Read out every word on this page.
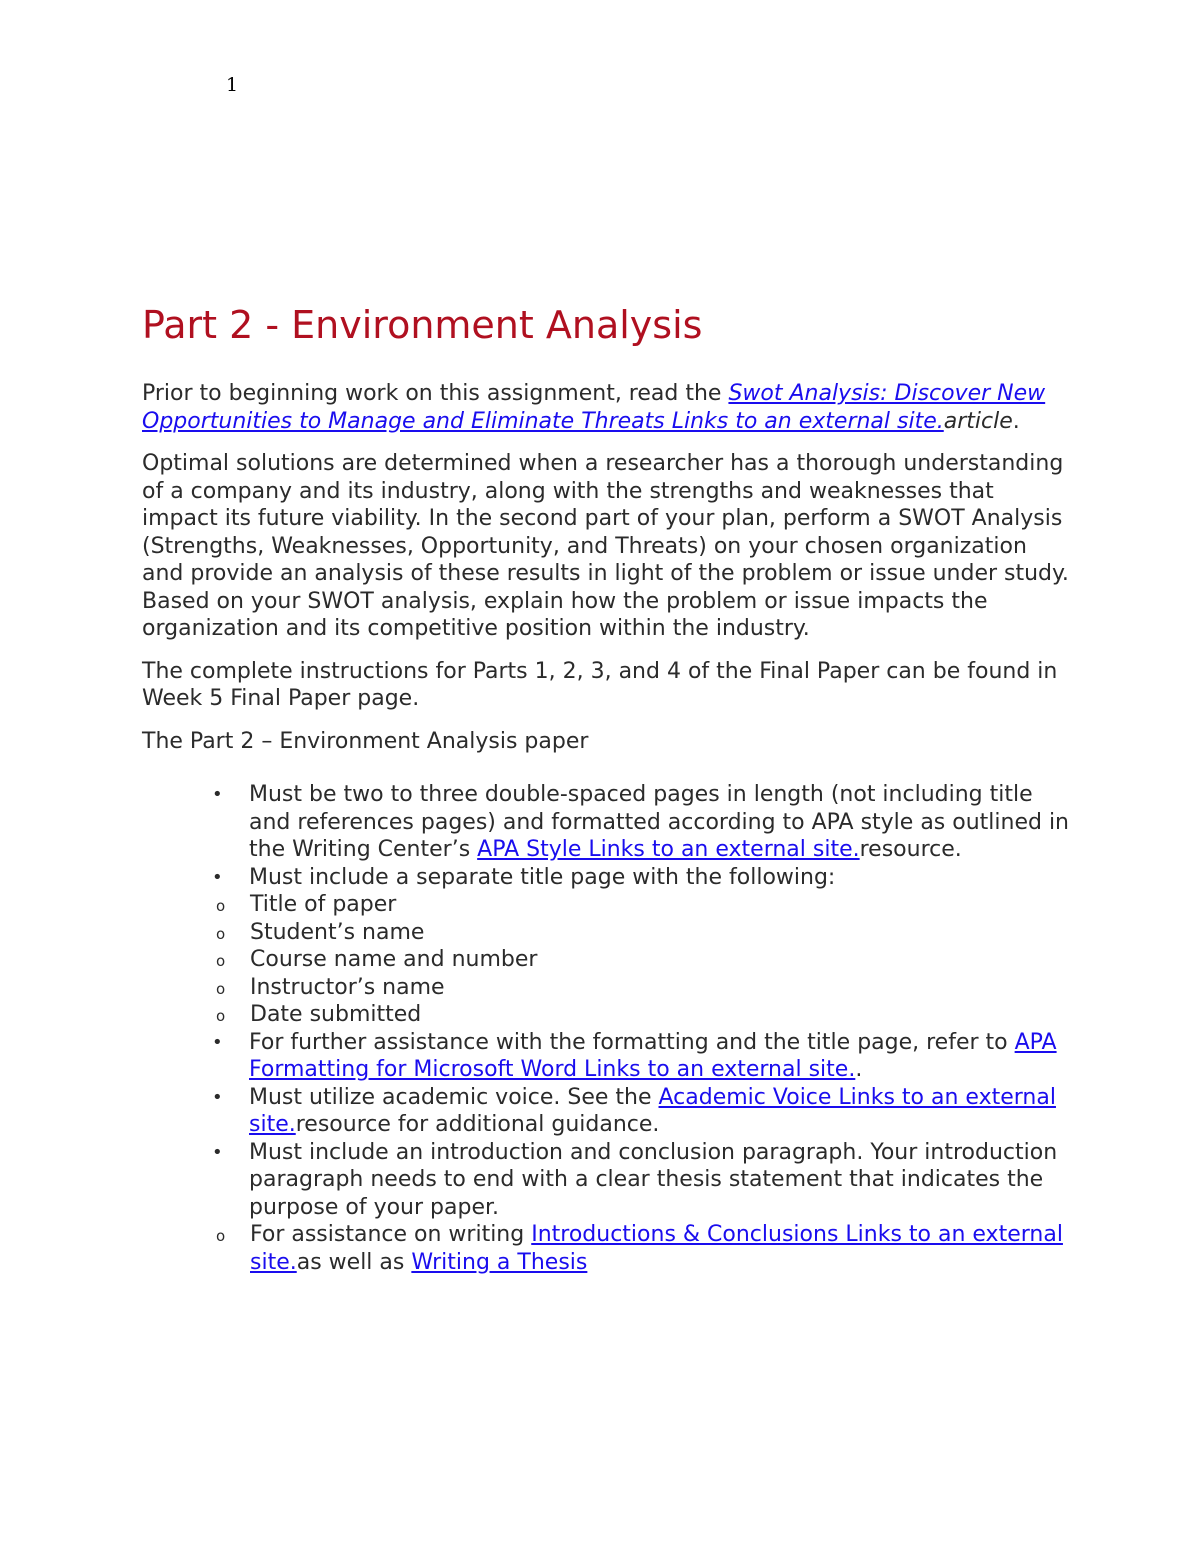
1
Part 2 - Environment Analysis

Prior to beginning work on this assignment, read the Swot Analysis: Discover New Opportunities to Manage and Eliminate Threats Links to an external site.article.

Optimal solutions are determined when a researcher has a thorough understanding of a company and its industry, along with the strengths and weaknesses that impact its future viability. In the second part of your plan, perform a SWOT Analysis (Strengths, Weaknesses, Opportunity, and Threats) on your chosen organization and provide an analysis of these results in light of the problem or issue under study. Based on your SWOT analysis, explain how the problem or issue impacts the organization and its competitive position within the industry.

The complete instructions for Parts 1, 2, 3, and 4 of the Final Paper can be found in Week 5 Final Paper page.

The Part 2 – Environment Analysis paper

• Must be two to three double-spaced pages in length (not including title and references pages) and formatted according to APA style as outlined in the Writing Center’s APA Style Links to an external site.resource.
• Must include a separate title page with the following:
o Title of paper
o Student’s name
o Course name and number
o Instructor’s name
o Date submitted
• For further assistance with the formatting and the title page, refer to APA Formatting for Microsoft Word Links to an external site..
• Must utilize academic voice. See the Academic Voice Links to an external site.resource for additional guidance.
• Must include an introduction and conclusion paragraph. Your introduction paragraph needs to end with a clear thesis statement that indicates the purpose of your paper.
o For assistance on writing Introductions & Conclusions Links to an external site.as well as Writing a Thesis
